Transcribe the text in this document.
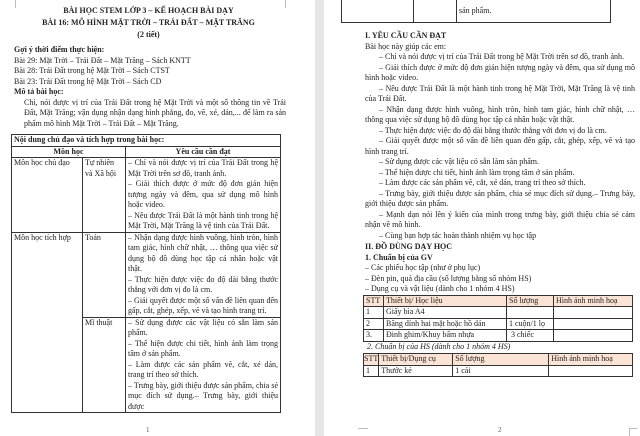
BÀI HỌC STEM LỚP 3 – KẾ HOẠCH BÀI DẠY
BÀI 16: MÔ HÌNH MẶT TRỜI – TRÁI ĐẤT – MẶT TRĂNG
(2 tiết)
Gợi ý thời điểm thực hiện:
Bài 29: Mặt Trời – Trái Đất – Mặt Trăng – Sách KNTT
Bài 28: Trái Đất trong hệ Mặt Trời – Sách CTST
Bài 23: Trái Đất trong hệ Mặt Trời – Sách CD
Mô tả bài học:
Chỉ, nói được vị trí của Trái Đất trong hệ Mặt Trời và một số thông tin về Trái Đất, Mặt Trăng; vận dụng nhận dạng hình phẳng, đo, vẽ, xé, dán,... để làm ra sản phẩm mô hình Mặt Trời – Trái Đất – Mặt Trăng.
Nội dung chủ đạo và tích hợp trong bài học:		
Môn học		Yêu cầu cần đạt
Môn học chủ đạo	Tự nhiên và Xã hội	– Chỉ và nói được vị trí của Trái Đất trong hệ Mặt Trời trên sơ đồ, tranh ảnh.
– Giải thích được ở mức độ đơn giản hiện tượng ngày và đêm, qua sử dụng mô hình hoặc video.
– Nêu được Trái Đất là một hành tinh trong hệ Mặt Trời, Mặt Trăng là vệ tinh của Trái Đất.

Môn học tích hợp	Toán	– Nhận dạng được hình vuông, hình tròn, hình tam giác, hình chữ nhật, … thông qua việc sử dụng bộ đồ dùng học tập cá nhân hoặc vật thật.
– Thực hiện được việc đo độ dài bằng thước thẳng với đơn vị đo là cm.
– Giải quyết được một số vấn đề liên quan đến gấp, cắt, ghép, xếp, vẽ và tạo hình trang trí.

	Mĩ thuật	– Sử dụng được các vật liệu có sẵn làm sản phẩm.
– Thể hiện được chi tiết, hình ảnh làm trọng tâm ở sản phẩm.
– Làm được các sản phẩm vẽ, cắt, xé dán, trang trí theo sở thích.
– Trưng bày, giới thiệu được sản phẩm, chia sẻ mục đích sử dụng.– Trưng bày, giới thiệu được
1
		sản phẩm.
I. YÊU CẦU CẦN ĐẠT
Bài học này giúp các em:
– Chỉ và nói được vị trí của Trái Đất trong hệ Mặt Trời trên sơ đồ, tranh ảnh.
– Giải thích được ở mức độ đơn giản hiện tượng ngày và đêm, qua sử dụng mô hình hoặc video.
– Nêu được Trái Đất là một hành tinh trong hệ Mặt Trời, Mặt Trăng là vệ tinh của Trái Đất.
– Nhận dạng được hình vuông, hình tròn, hình tam giác, hình chữ nhật, … thông qua việc sử dụng bộ đồ dùng học tập cá nhân hoặc vật thật.
– Thực hiện được việc đo độ dài bằng thước thẳng với đơn vị đo là cm.
– Giải quyết được một số vấn đề liên quan đến gấp, cắt, ghép, xếp, vẽ và tạo hình trang trí.
– Sử dụng được các vật liệu có sẵn làm sản phẩm.
– Thể hiện được chi tiết, hình ảnh làm trọng tâm ở sản phẩm.
– Làm được các sản phẩm vẽ, cắt, xé dán, trang trí theo sở thích.
– Trưng bày, giới thiệu được sản phẩm, chia sẻ mục đích sử dụng.– Trưng bày, giới thiệu được sản phẩm.
– Mạnh dạn nói lên ý kiến của mình trong trưng bày, giới thiệu chia sẻ cảm nhận về mô hình.
– Cùng bạn hợp tác hoàn thành nhiệm vụ học tập
II. ĐỒ DÙNG DẠY HỌC
1. Chuẩn bị của GV
– Các phiếu học tập (như ở phụ lục)
– Đèn pin, quả địa cầu (số lượng bằng số nhóm HS)
– Dụng cụ và vật liệu (dành cho 1 nhóm 4 HS)
STT	Thiết bị/ Học liệu	Số lượng	Hình ảnh minh hoạ
1	Giấy bìa A4		
2	Băng dính hai mặt hoặc hồ dán	1 cuộn/1 lọ	
3.	Đinh ghim/Khuy bấm nhựa	3 chiếc	
2. Chuẩn bị của HS (dành cho 1 nhóm 4 HS)
STT	Thiết bị/Dụng cụ	Số lượng	Hình ảnh minh hoạ
1	Thước kẻ	1 cái	
2
